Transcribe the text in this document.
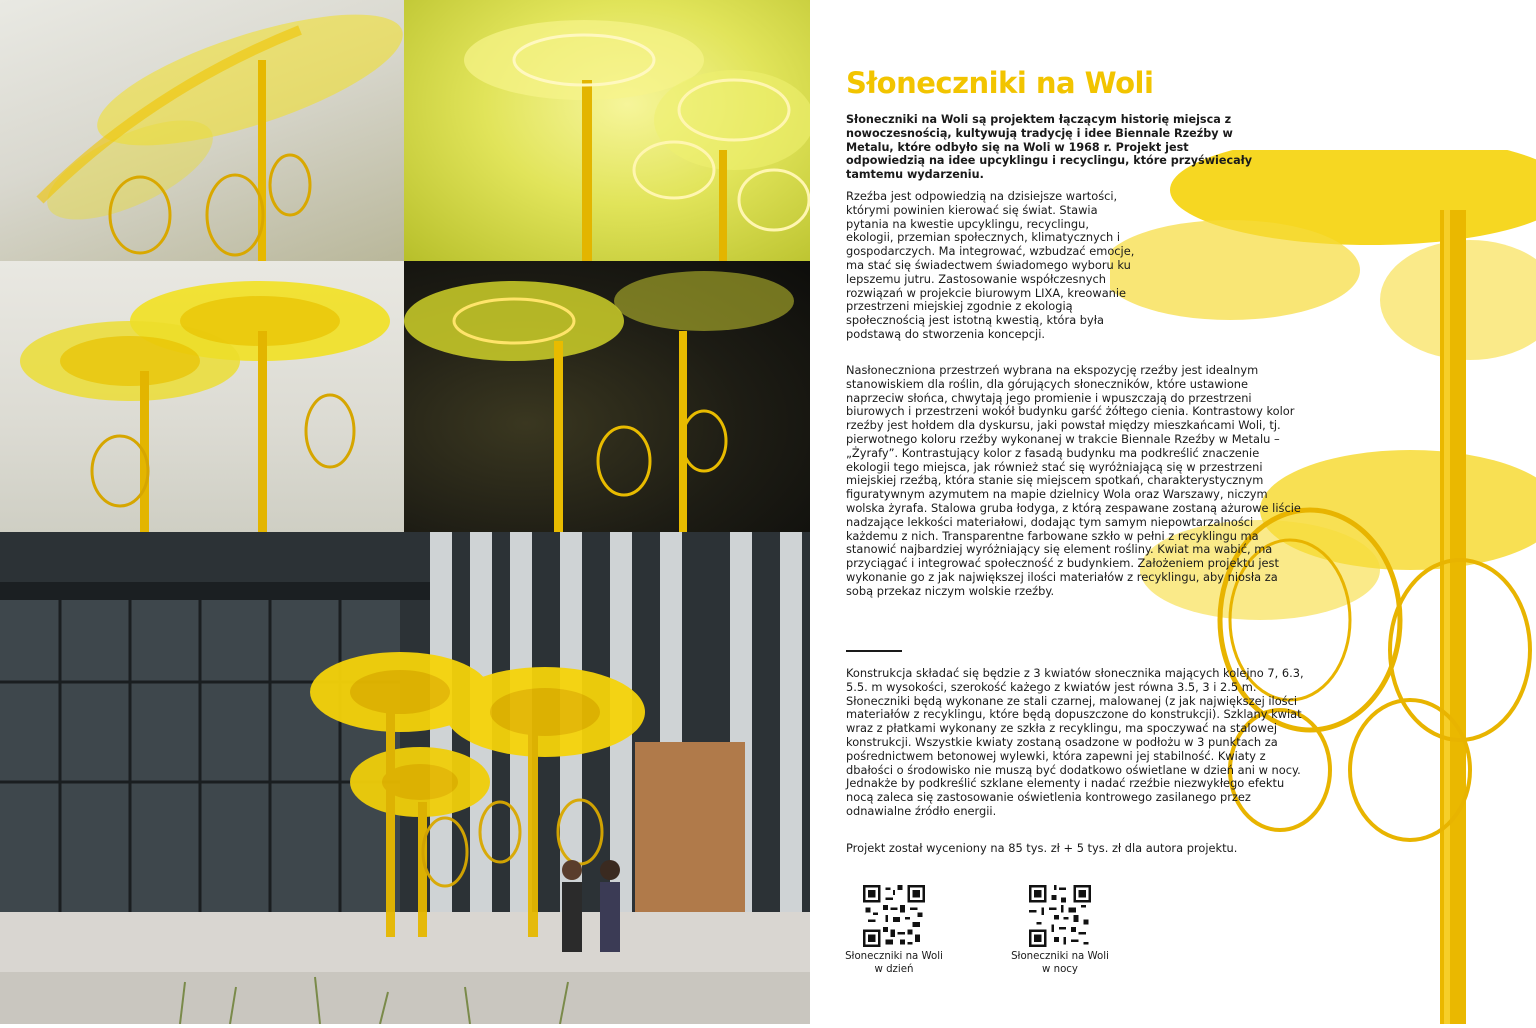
Słoneczniki na Woli

Słoneczniki na Woli są projektem łączącym historię miejsca z nowoczesnością, kultywują tradycję i idee Biennale Rzeźby w Metalu, które odbyło się na Woli w 1968 r. Projekt jest odpowiedzią na idee upcyklingu i recyclingu, które przyświecały tamtemu wydarzeniu.

Rzeźba jest odpowiedzią na dzisiejsze wartości, którymi powinien kierować się świat. Stawia pytania na kwestie upcyklingu, recyclingu, ekologii, przemian społecznych, klimatycznych i gospodarczych. Ma integrować, wzbudzać emocje, ma stać się świadectwem świadomego wyboru ku lepszemu jutru. Zastosowanie współczesnych rozwiązań w projekcie biurowym LIXA, kreowanie przestrzeni miejskiej zgodnie z ekologią społecznością jest istotną kwestią, która była podstawą do stworzenia koncepcji.

Nasłoneczniona przestrzeń wybrana na ekspozycję rzeźby jest idealnym stanowiskiem dla roślin, dla górujących słoneczników, które ustawione naprzeciw słońca, chwytają jego promienie i wpuszczają do przestrzeni biurowych i przestrzeni wokół budynku garść żółtego cienia. Kontrastowy kolor rzeźby jest hołdem dla dyskursu, jaki powstał między mieszkańcami Woli, tj. pierwotnego koloru rzeźby wykonanej w trakcie Biennale Rzeźby w Metalu – „Żyrafy”. Kontrastujący kolor z fasadą budynku ma podkreślić znaczenie ekologii tego miejsca, jak również stać się wyróżniającą się w przestrzeni miejskiej rzeźbą, która stanie się miejscem spotkań, charakterystycznym figuratywnym azymutem na mapie dzielnicy Wola oraz Warszawy, niczym wolska żyrafa. Stalowa gruba łodyga, z którą zespawane zostaną ażurowe liście nadzające lekkości materiałowi, dodając tym samym niepowtarzalności każdemu z nich. Transparentne farbowane szkło w pełni z recyklingu ma stanowić najbardziej wyróżniający się element rośliny. Kwiat ma wabić, ma przyciągać i integrować społeczność z budynkiem. Założeniem projektu jest wykonanie go z jak największej ilości materiałów z recyklingu, aby niosła za sobą przekaz niczym wolskie rzeźby.

Konstrukcja składać się będzie z 3 kwiatów słonecznika mających kolejno 7, 6.3, 5.5. m wysokości, szerokość każego z kwiatów jest równa 3.5, 3 i 2.5 m. Słoneczniki będą wykonane ze stali czarnej, malowanej (z jak największej ilości materiałów z recyklingu, które będą dopuszczone do konstrukcji). Szklany kwiat wraz z płatkami wykonany ze szkła z recyklingu, ma spoczywać na stalowej konstrukcji. Wszystkie kwiaty zostaną osadzone w podłożu w 3 punktach za pośrednictwem betonowej wylewki, która zapewni jej stabilność. Kwiaty z dbałości o środowisko nie muszą być dodatkowo oświetlane w dzień ani w nocy. Jednakże by podkreślić szklane elementy i nadać rzeźbie niezwykłego efektu nocą zaleca się zastosowanie oświetlenia kontrowego zasilanego przez odnawialne źródło energii.

Projekt został wyceniony na 85 tys. zł + 5 tys. zł dla autora projektu.

Słoneczniki na Woli
w dzień
Słoneczniki na Woli
w nocy
